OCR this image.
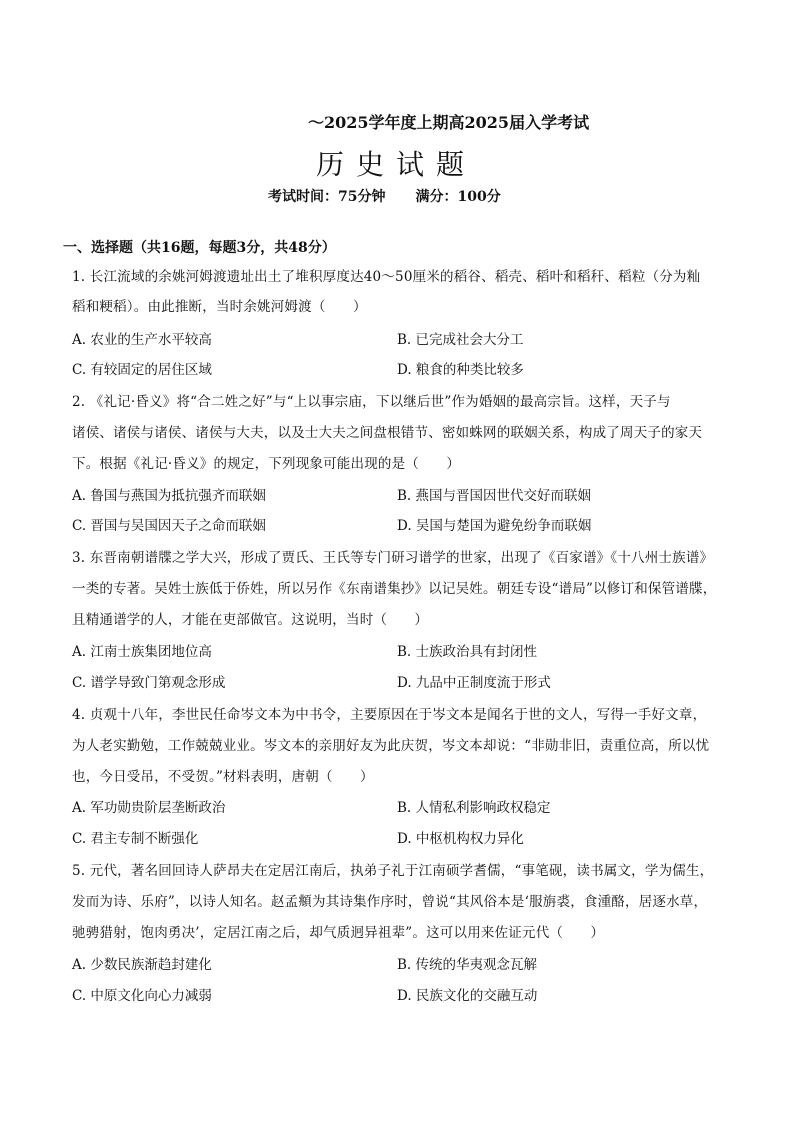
～2025学年度上期高2025届入学考试
历史试题
考试时间：75分钟 满分：100分
一、选择题（共16题，每题3分，共48分）
1. 长江流域的余姚河姆渡遗址出土了堆积厚度达40～50厘米的稻谷、稻壳、稻叶和稻秆、稻粒（分为籼
稻和粳稻）。由此推断，当时余姚河姆渡（　　）
A. 农业的生产水平较高	B. 已完成社会大分工
C. 有较固定的居住区域	D. 粮食的种类比较多
2. 《礼记·昏义》将“合二姓之好”与“上以事宗庙，下以继后世”作为婚姻的最高宗旨。这样，天子与
诸侯、诸侯与诸侯、诸侯与大夫，以及士大夫之间盘根错节、密如蛛网的联姻关系，构成了周天子的家天
下。根据《礼记·昏义》的规定，下列现象可能出现的是（　　）
A. 鲁国与燕国为抵抗强齐而联姻	B. 燕国与晋国因世代交好而联姻
C. 晋国与吴国因天子之命而联姻	D. 吴国与楚国为避免纷争而联姻
3. 东晋南朝谱牒之学大兴，形成了贾氏、王氏等专门研习谱学的世家，出现了《百家谱》《十八州士族谱》
一类的专著。吴姓士族低于侨姓，所以另作《东南谱集抄》以记吴姓。朝廷专设“谱局”以修订和保管谱牒，
且精通谱学的人，才能在吏部做官。这说明，当时（　　）
A. 江南士族集团地位高	B. 士族政治具有封闭性
C. 谱学导致门第观念形成	D. 九品中正制度流于形式
4. 贞观十八年，李世民任命岑文本为中书令，主要原因在于岑文本是闻名于世的文人，写得一手好文章，
为人老实勤勉，工作兢兢业业。岑文本的亲朋好友为此庆贺，岑文本却说：“非勋非旧，责重位高，所以忧
也，今日受吊，不受贺。”材料表明，唐朝（　　）
A. 军功勋贵阶层垄断政治	B. 人情私利影响政权稳定
C. 君主专制不断强化	D. 中枢机构权力异化
5. 元代，著名回回诗人萨昂夫在定居江南后，执弟子礼于江南硕学耆儒，“事笔砚，读书属文，学为儒生，
发而为诗、乐府”，以诗人知名。赵孟頫为其诗集作序时，曾说“其风俗本是‘服旃裘，食湩酪，居逐水草，
驰骋猎射，饱肉勇决’，定居江南之后，却气质迥异祖辈”。这可以用来佐证元代（　　）
A. 少数民族渐趋封建化	B. 传统的华夷观念瓦解
C. 中原文化向心力减弱	D. 民族文化的交融互动
